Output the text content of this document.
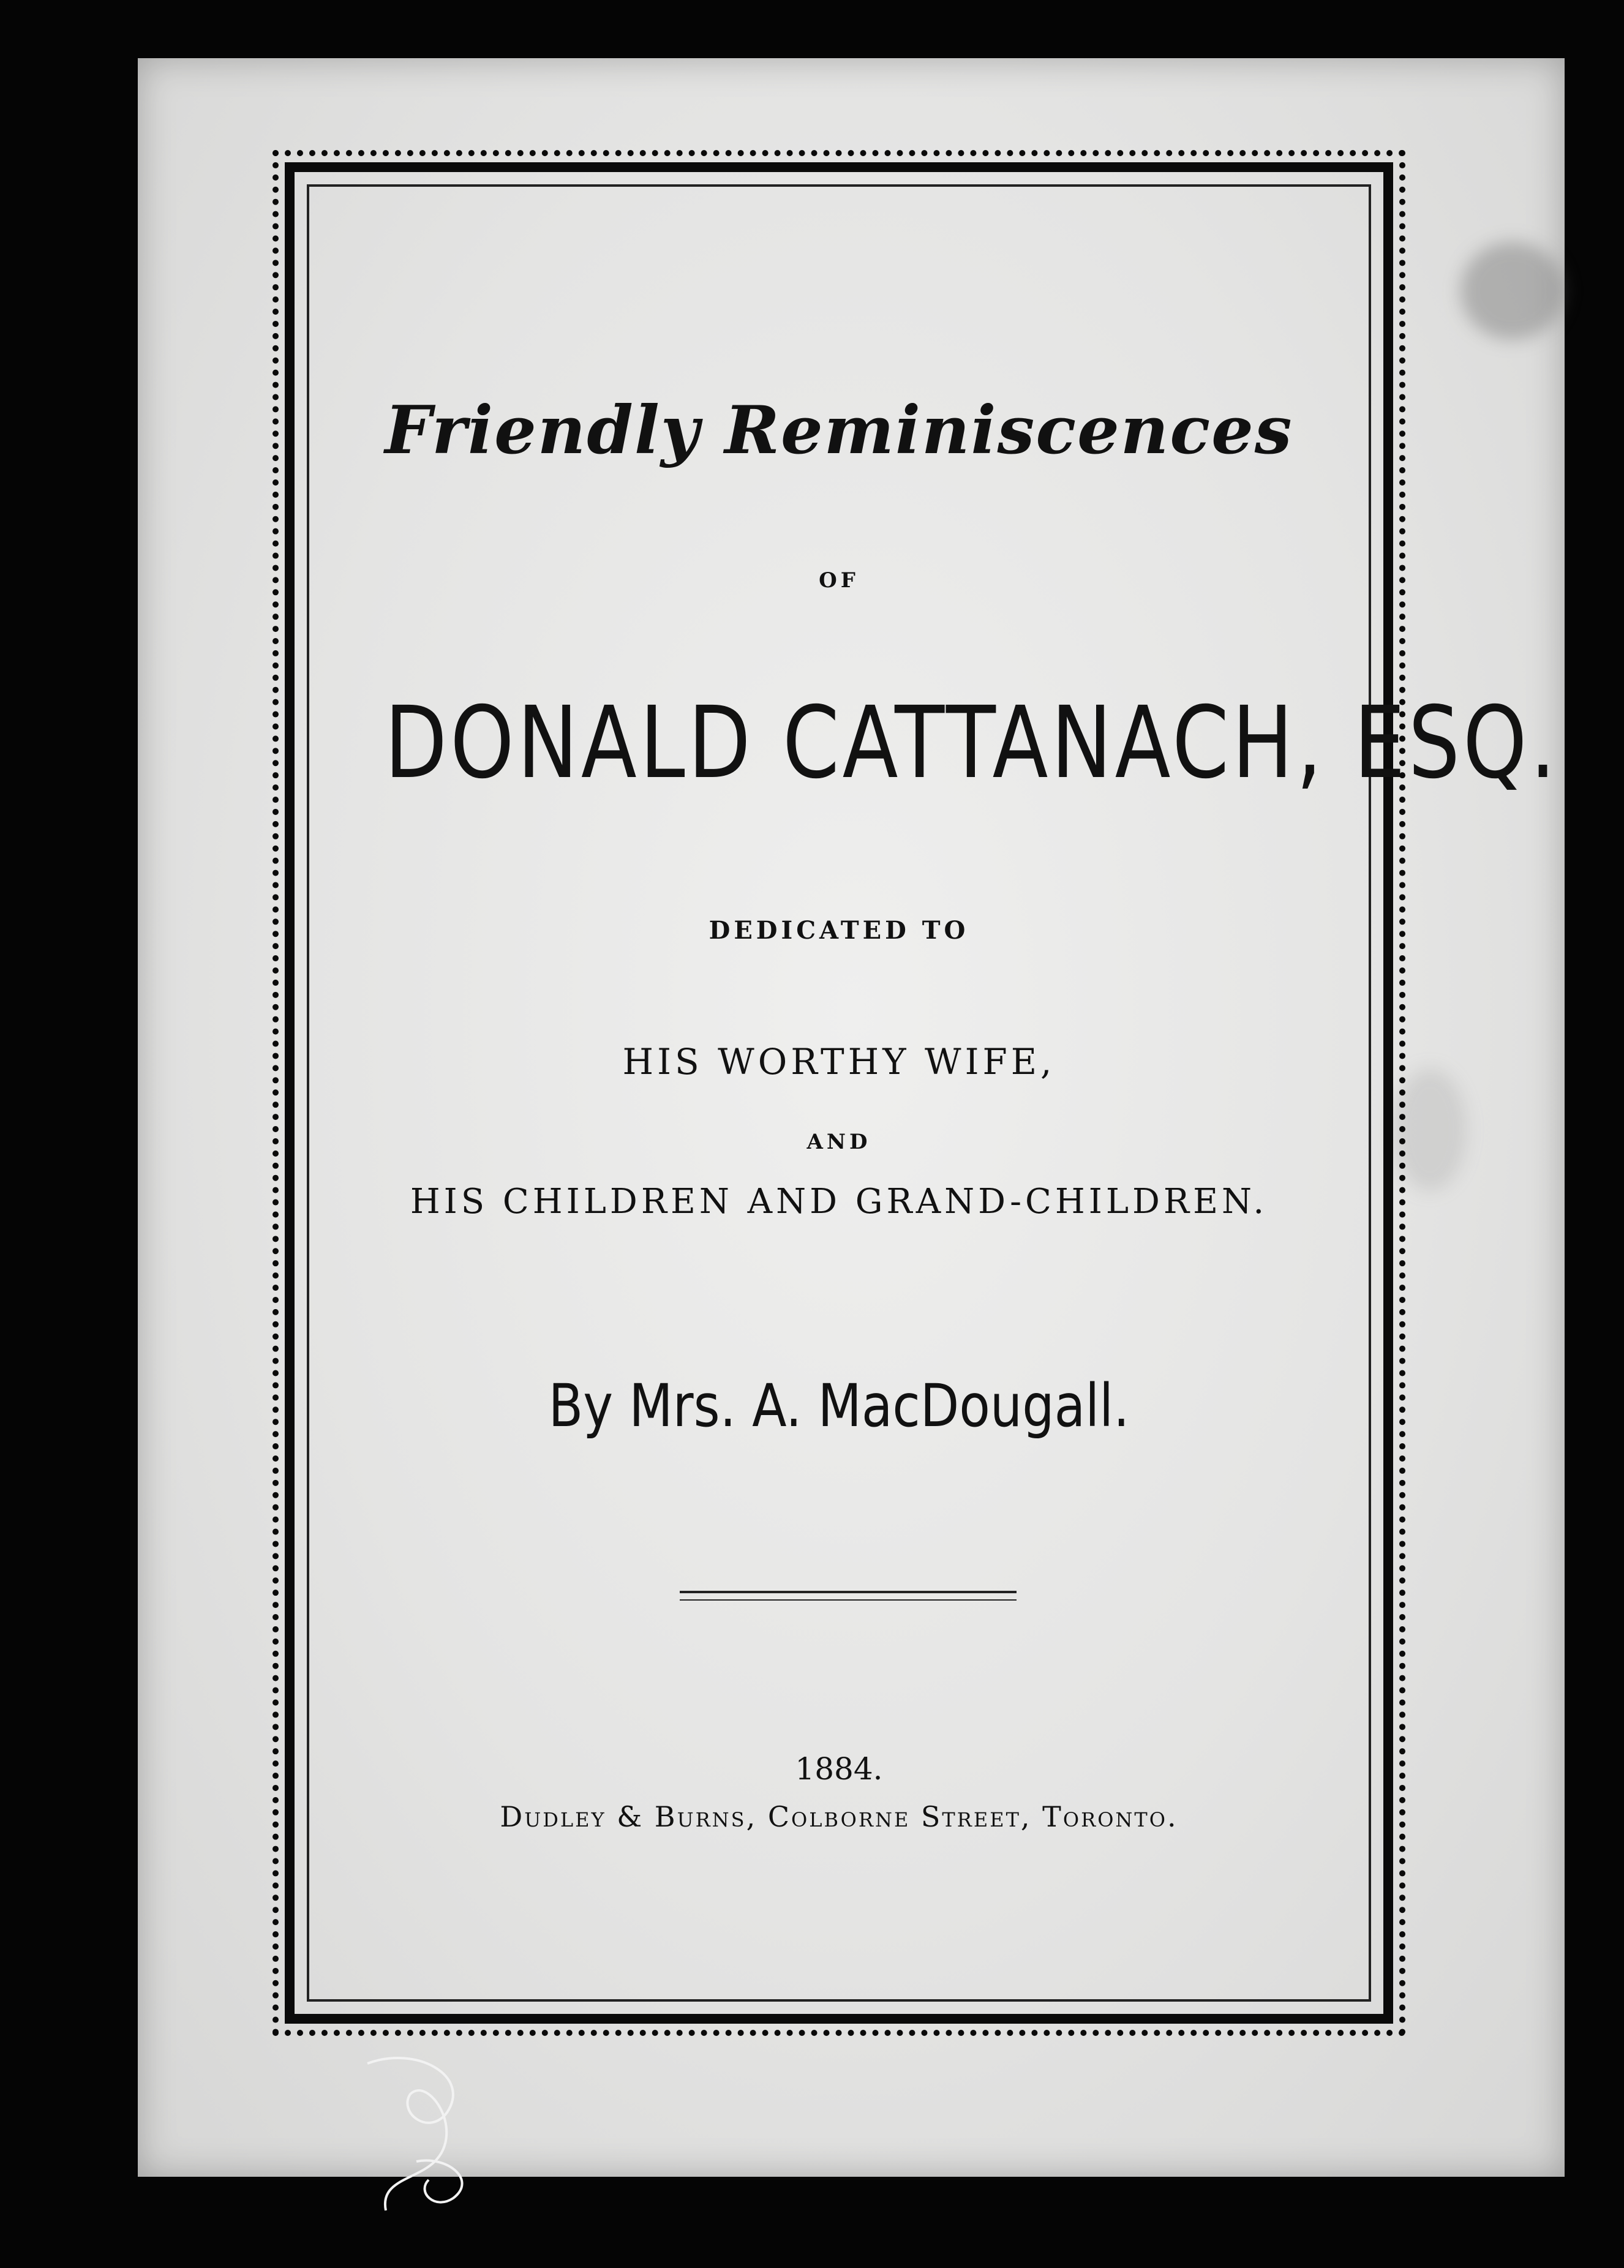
Friendly Reminiscences
OF
DONALD CATTANACH, ESQ.
DEDICATED TO
HIS WORTHY WIFE,
AND
HIS CHILDREN AND GRAND-CHILDREN.
By Mrs. A. MacDougall.
1884.
Dudley & Burns, Colborne Street, Toronto.
